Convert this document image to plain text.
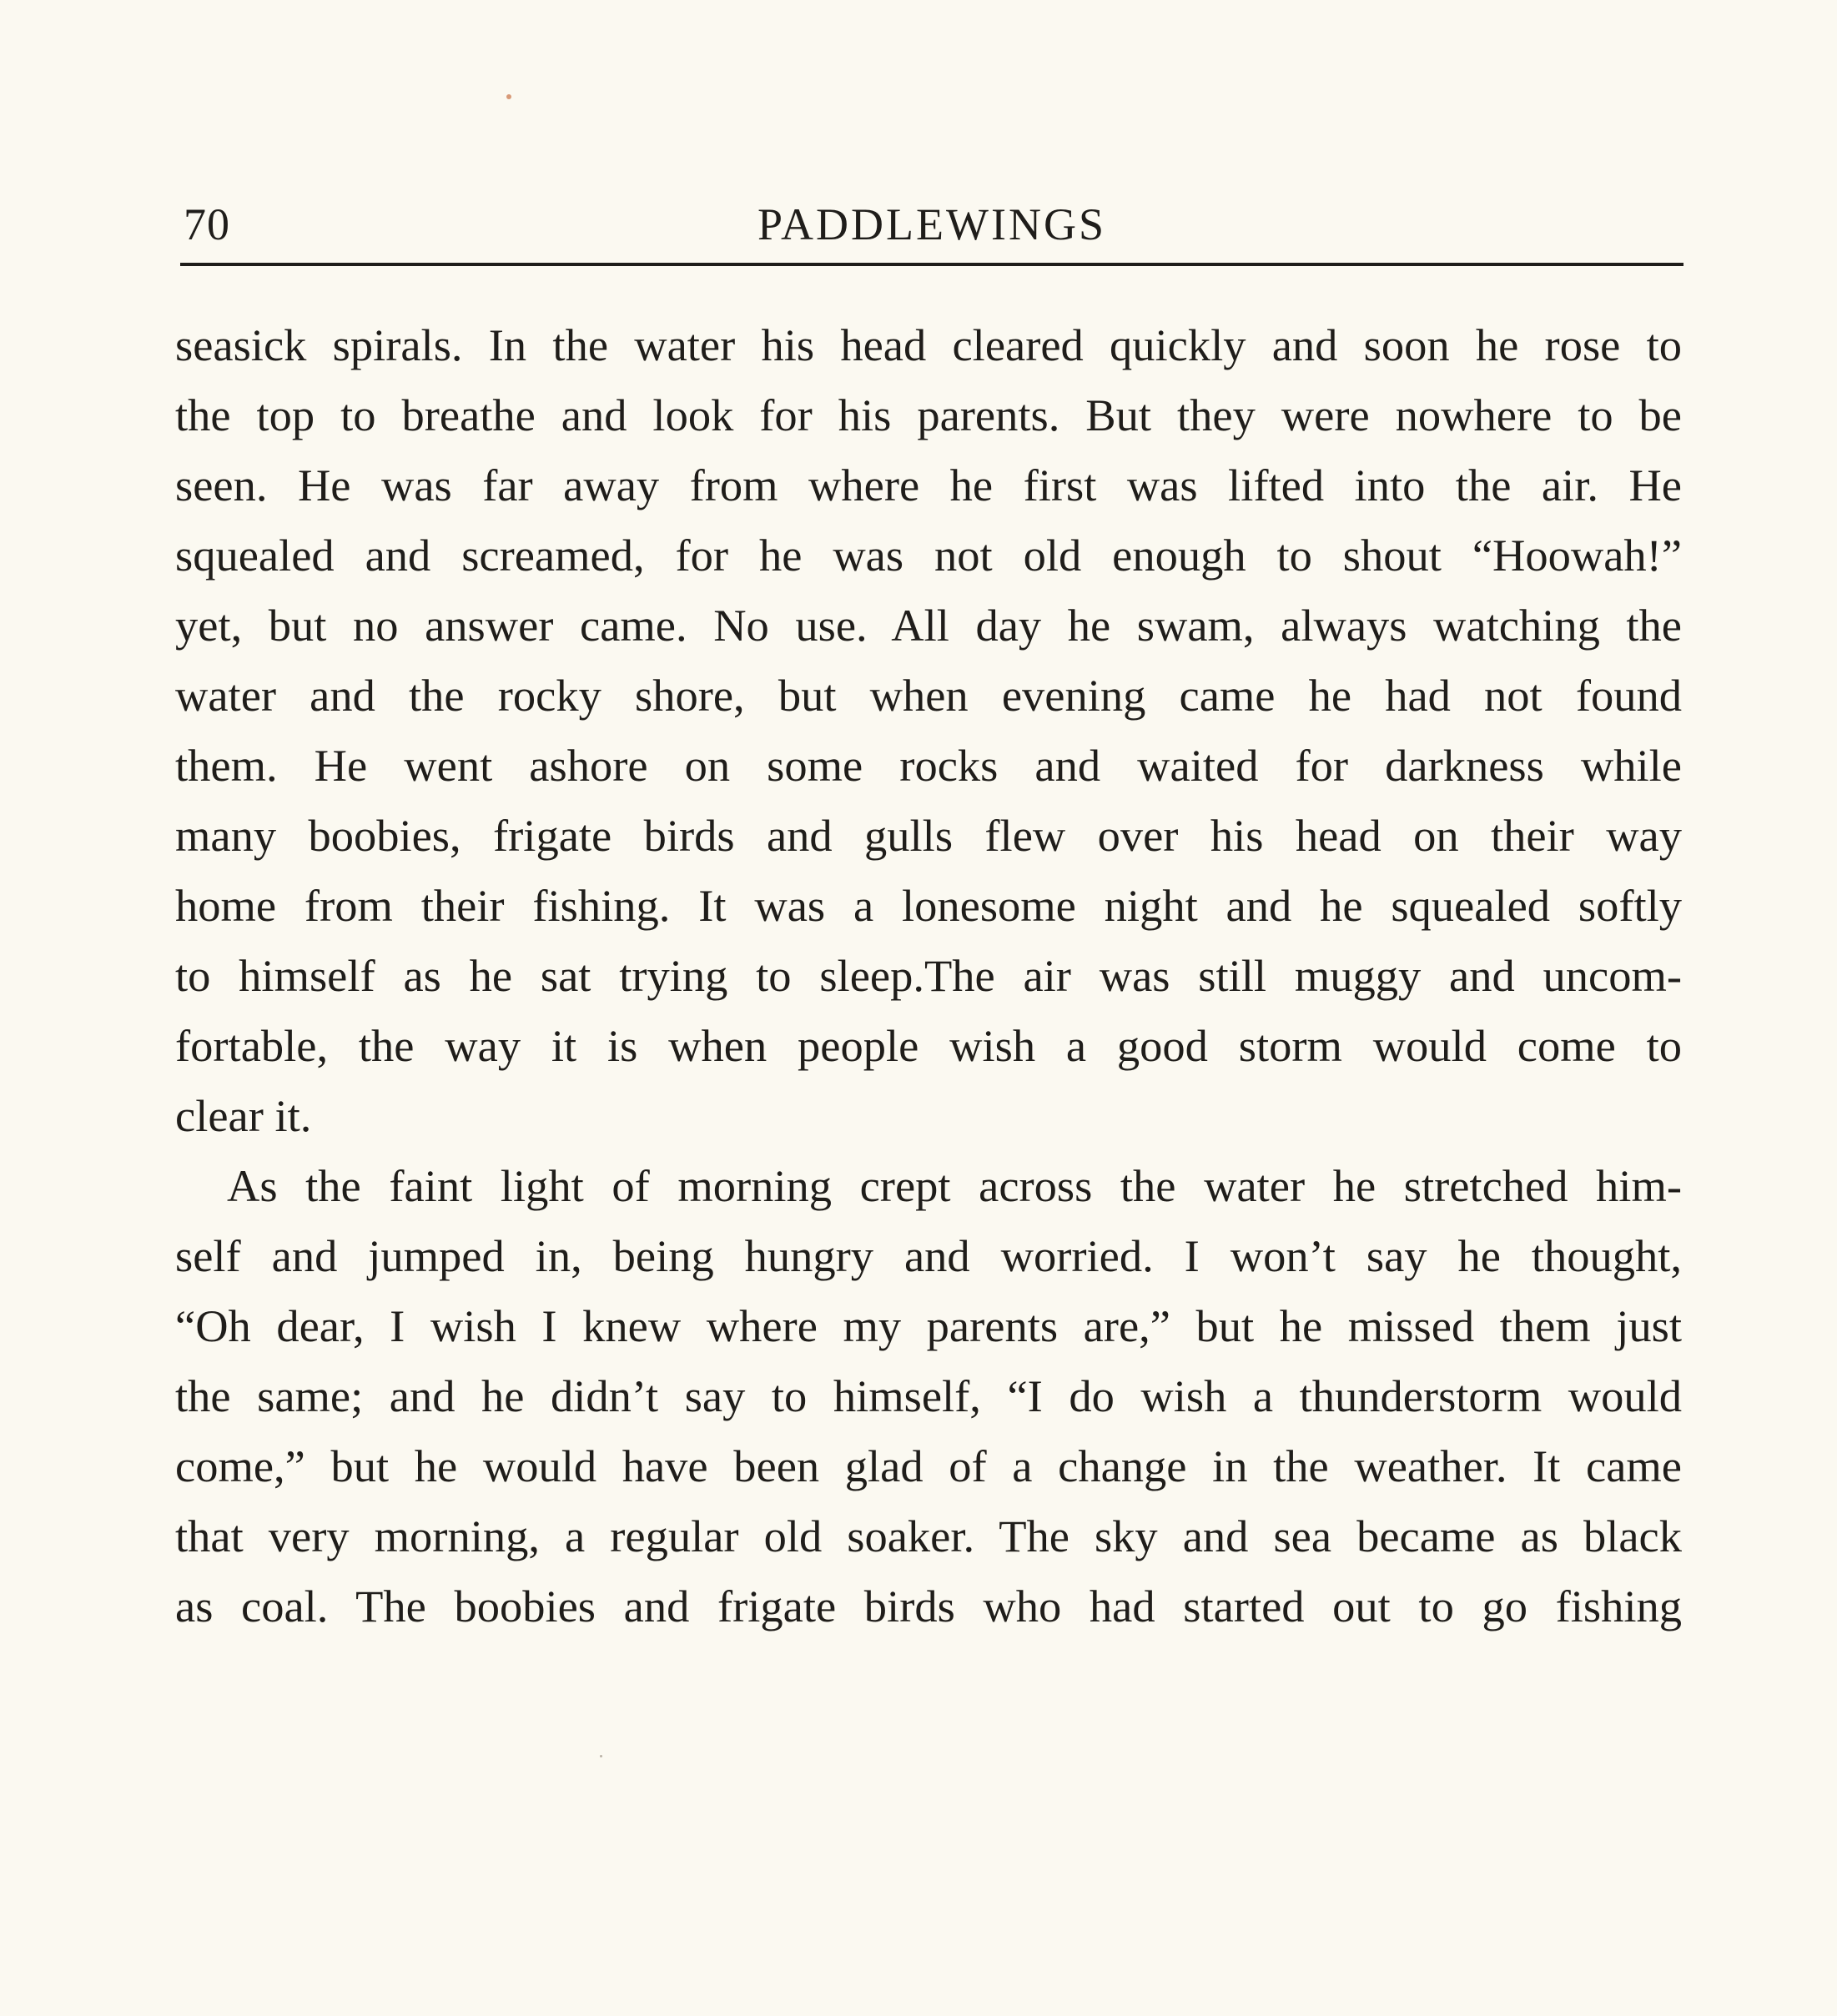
70	PADDLEWINGS
seasick spirals. In the water his head cleared quickly and soon he rose to
the top to breathe and look for his parents. But they were nowhere to be
seen. He was far away from where he first was lifted into the air. He
squealed and screamed, for he was not old enough to shout “Hoowah!”
yet, but no answer came. No use. All day he swam, always watching the
water and the rocky shore, but when evening came he had not found
them. He went ashore on some rocks and waited for darkness while
many boobies, frigate birds and gulls flew over his head on their way
home from their fishing. It was a lonesome night and he squealed softly
to himself as he sat trying to sleep.The air was still muggy and uncom-
fortable, the way it is when people wish a good storm would come to
clear it.
As the faint light of morning crept across the water he stretched him-
self and jumped in, being hungry and worried. I won’t say he thought,
“Oh dear, I wish I knew where my parents are,” but he missed them just
the same; and he didn’t say to himself, “I do wish a thunderstorm would
come,” but he would have been glad of a change in the weather. It came
that very morning, a regular old soaker. The sky and sea became as black
as coal. The boobies and frigate birds who had started out to go fishing
